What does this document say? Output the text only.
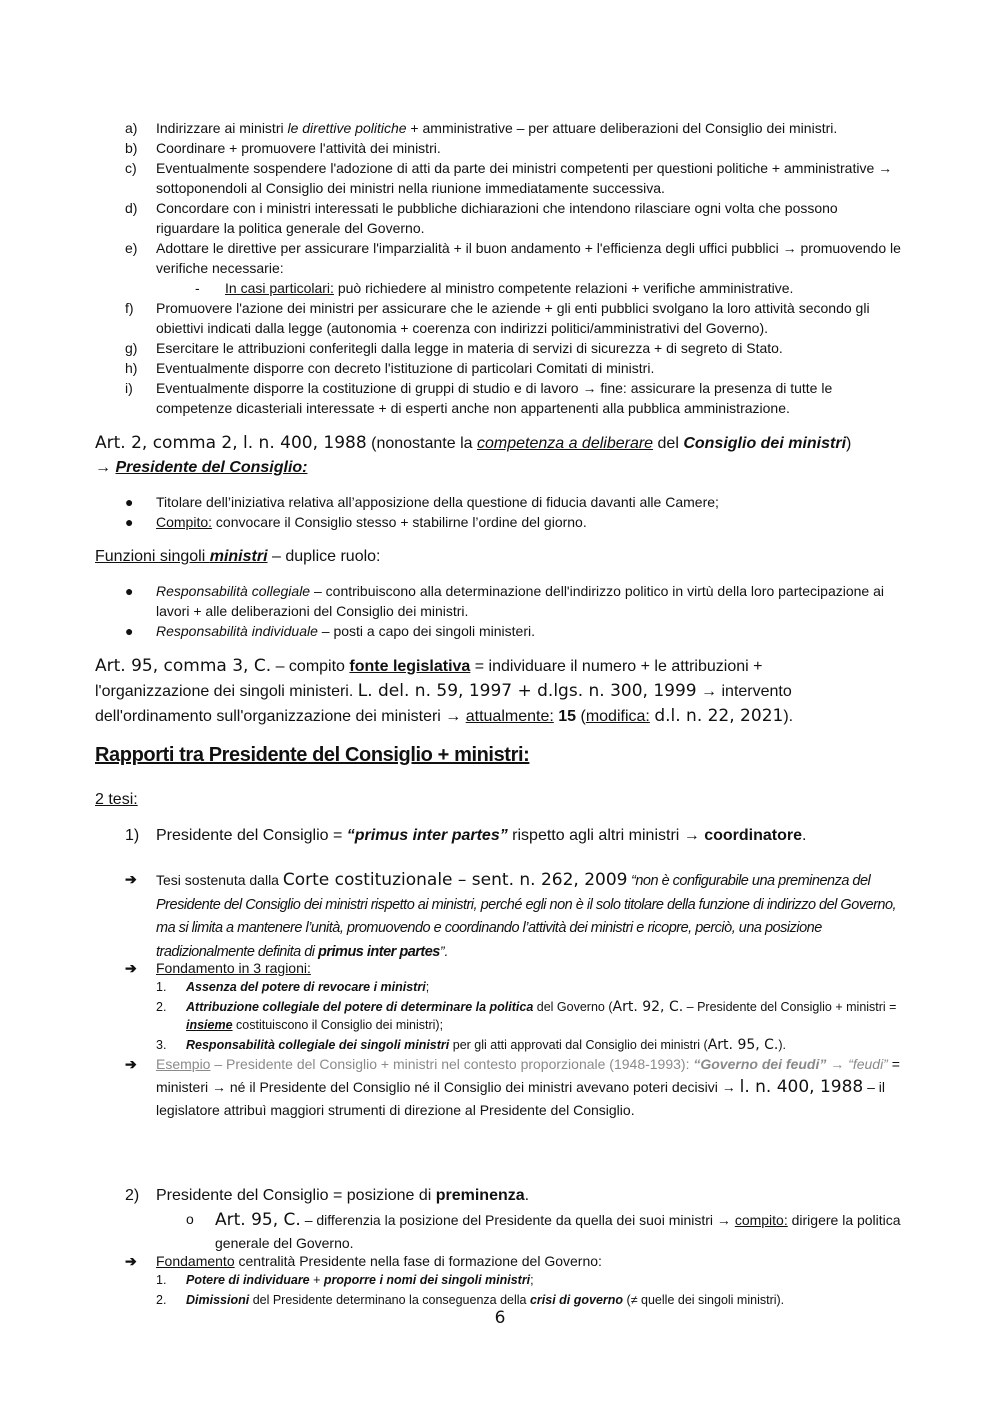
a) Indirizzare ai ministri le direttive politiche + amministrative – per attuare deliberazioni del Consiglio dei ministri.
b) Coordinare + promuovere l'attività dei ministri.
c) Eventualmente sospendere l'adozione di atti da parte dei ministri competenti per questioni politiche + amministrative → sottoponendoli al Consiglio dei ministri nella riunione immediatamente successiva.
d) Concordare con i ministri interessati le pubbliche dichiarazioni che intendono rilasciare ogni volta che possono riguardare la politica generale del Governo.
e) Adottare le direttive per assicurare l'imparzialità + il buon andamento + l'efficienza degli uffici pubblici → promuovendo le verifiche necessarie:
- In casi particolari: può richiedere al ministro competente relazioni + verifiche amministrative.
f) Promuovere l'azione dei ministri per assicurare che le aziende + gli enti pubblici svolgano la loro attività secondo gli obiettivi indicati dalla legge (autonomia + coerenza con indirizzi politici/amministrativi del Governo).
g) Esercitare le attribuzioni conferitegli dalla legge in materia di servizi di sicurezza + di segreto di Stato.
h) Eventualmente disporre con decreto l'istituzione di particolari Comitati di ministri.
i) Eventualmente disporre la costituzione di gruppi di studio e di lavoro → fine: assicurare la presenza di tutte le competenze dicasteriali interessate + di esperti anche non appartenenti alla pubblica amministrazione.
Art. 2, comma 2, l. n. 400, 1988 (nonostante la competenza a deliberare del Consiglio dei ministri)
→ Presidente del Consiglio:
● Titolare dell’iniziativa relativa all’apposizione della questione di fiducia davanti alle Camere;
● Compito: convocare il Consiglio stesso + stabilirne l’ordine del giorno.
Funzioni singoli ministri – duplice ruolo:
● Responsabilità collegiale – contribuiscono alla determinazione dell'indirizzo politico in virtù della loro partecipazione ai lavori + alle deliberazioni del Consiglio dei ministri.
● Responsabilità individuale – posti a capo dei singoli ministeri.
Art. 95, comma 3, C. – compito fonte legislativa = individuare il numero + le attribuzioni + l'organizzazione dei singoli ministeri. L. del. n. 59, 1997 + d.lgs. n. 300, 1999 → intervento dell'ordinamento sull'organizzazione dei ministeri → attualmente: 15 (modifica: d.l. n. 22, 2021).
Rapporti tra Presidente del Consiglio + ministri:
2 tesi:
1) Presidente del Consiglio = “primus inter partes” rispetto agli altri ministri → coordinatore.
➔ Tesi sostenuta dalla Corte costituzionale – sent. n. 262, 2009 “non è configurabile una preminenza del Presidente del Consiglio dei ministri rispetto ai ministri, perché egli non è il solo titolare della funzione di indirizzo del Governo, ma si limita a mantenere l’unità, promuovendo e coordinando l’attività dei ministri e ricopre, perciò, una posizione tradizionalmente definita di primus inter partes”.
➔ Fondamento in 3 ragioni:
1. Assenza del potere di revocare i ministri;
2. Attribuzione collegiale del potere di determinare la politica del Governo (Art. 92, C. – Presidente del Consiglio + ministri = insieme costituiscono il Consiglio dei ministri);
3. Responsabilità collegiale dei singoli ministri per gli atti approvati dal Consiglio dei ministri (Art. 95, C.).
➔ Esempio – Presidente del Consiglio + ministri nel contesto proporzionale (1948-1993): “Governo dei feudi” → “feudi” = ministeri → né il Presidente del Consiglio né il Consiglio dei ministri avevano poteri decisivi → l. n. 400, 1988 – il legislatore attribuì maggiori strumenti di direzione al Presidente del Consiglio.
2) Presidente del Consiglio = posizione di preminenza.
o Art. 95, C. – differenzia la posizione del Presidente da quella dei suoi ministri → compito: dirigere la politica generale del Governo.
➔ Fondamento centralità Presidente nella fase di formazione del Governo:
1. Potere di individuare + proporre i nomi dei singoli ministri;
2. Dimissioni del Presidente determinano la conseguenza della crisi di governo (≠ quelle dei singoli ministri).
6
